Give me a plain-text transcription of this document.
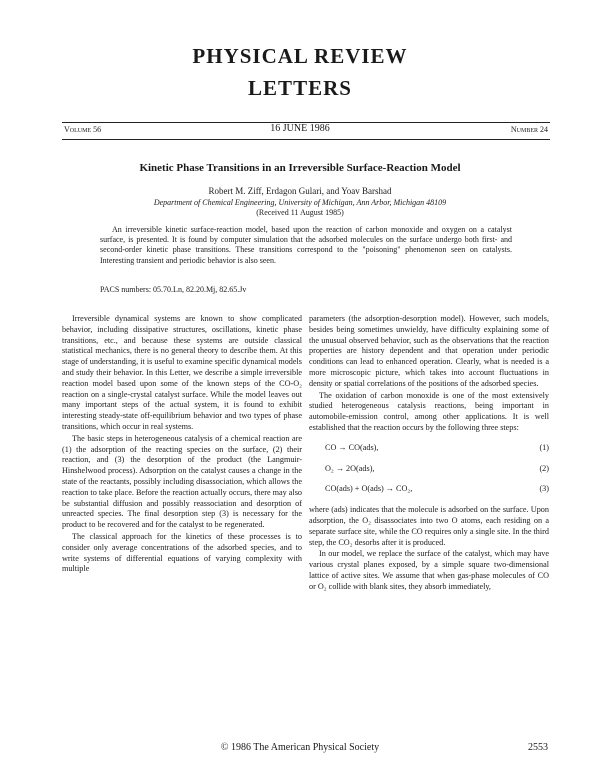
PHYSICAL REVIEW
LETTERS
Volume 56	16 JUNE 1986	Number 24
Kinetic Phase Transitions in an Irreversible Surface-Reaction Model
Robert M. Ziff, Erdagon Gulari, and Yoav Barshad
Department of Chemical Engineering, University of Michigan, Ann Arbor, Michigan 48109
(Received 11 August 1985)
An irreversible kinetic surface-reaction model, based upon the reaction of carbon monoxide and oxygen on a catalyst surface, is presented. It is found by computer simulation that the adsorbed molecules on the surface undergo both first- and second-order kinetic phase transitions. These transitions correspond to the "poisoning" phenomenon seen on catalysts. Interesting transient and periodic behavior is also seen.
PACS numbers: 05.70.Ln, 82.20.Mj, 82.65.Jv

Irreversible dynamical systems are known to show complicated behavior, including dissipative structures, oscillations, kinetic phase transitions, etc., and because these systems are outside classical statistical mechanics, there is no general theory to describe them. At this stage of understanding, it is useful to examine specific dynamical models and study their behavior. In this Letter, we describe a simple irreversible reaction model based upon some of the known steps of the CO-O₂ reaction on a single-crystal catalyst surface. While the model leaves out many important steps of the actual system, it is found to exhibit interesting steady-state off-equilibrium behavior and two types of phase transitions, which occur in real systems.

The basic steps in heterogeneous catalysis of a chemical reaction are (1) the adsorption of the reacting species on the surface, (2) their reaction, and (3) the desorption of the product (the Langmuir-Hinshelwood process). Adsorption on the catalyst causes a change in the state of the reactants, possibly including disassociation, which allows the reaction to take place. Before the reaction actually occurs, there may also be substantial diffusion and possibly reassociation and desorption of unreacted species. The final desorption step (3) is necessary for the product to be recovered and for the catalyst to be regenerated.

The classical approach for the kinetics of these processes is to consider only average concentrations of the adsorbed species, and to write systems of differential equations of varying complexity with multiple

parameters (the adsorption-desorption model). However, such models, besides being sometimes unwieldy, have difficulty explaining some of the unusual observed behavior, such as the observations that the reaction properties are history dependent and that operation under periodic conditions can lead to enhanced operation. Clearly, what is needed is a more microscopic picture, which takes into account fluctuations in density or spatial correlations of the positions of the adsorbed species.

The oxidation of carbon monoxide is one of the most extensively studied heterogeneous catalysis reactions, being important in automobile-emission control, among other applications. It is well established that the reaction occurs by the following three steps:

CO → CO(ads),	(1)
O₂ → 2O(ads),	(2)
CO(ads) + O(ads) → CO₂,	(3)

where (ads) indicates that the molecule is adsorbed on the surface. Upon adsorption, the O₂ disassociates into two O atoms, each residing on a separate surface site, while the CO requires only a single site. In the third step, the CO₂ desorbs after it is produced.

In our model, we replace the surface of the catalyst, which may have various crystal planes exposed, by a simple square two-dimensional lattice of active sites. We assume that when gas-phase molecules of CO or O₂ collide with blank sites, they absorb immediately,

© 1986 The American Physical Society	2553
